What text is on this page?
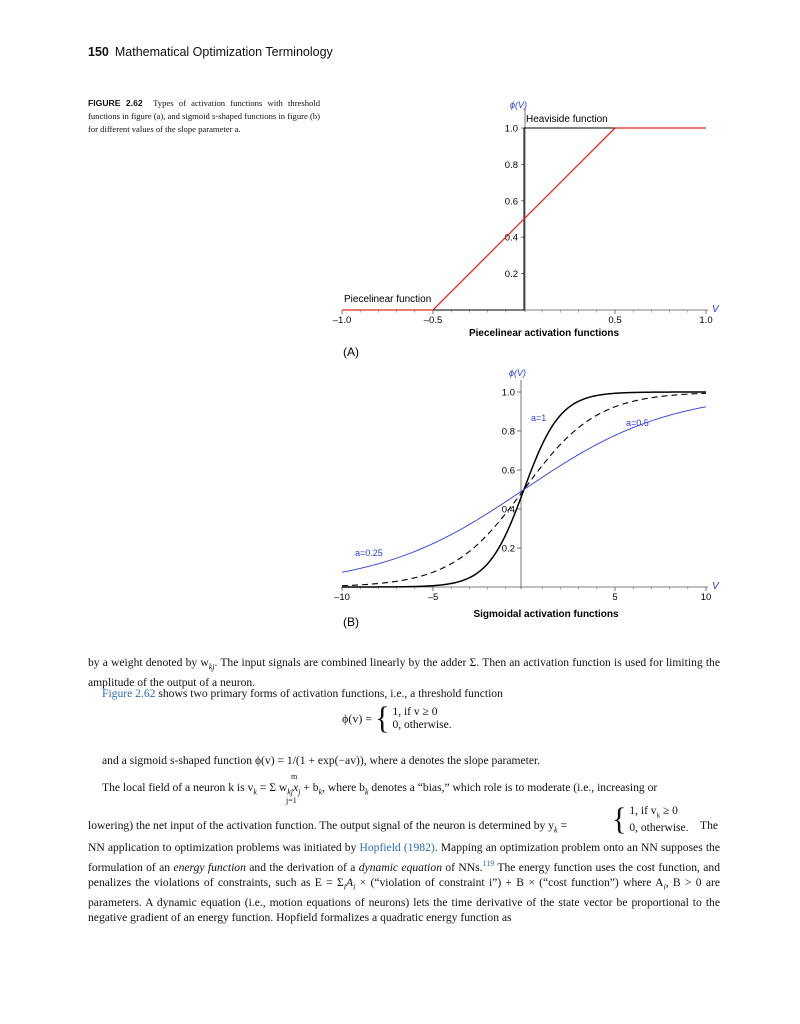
150 Mathematical Optimization Terminology
FIGURE 2.62 Types of activation functions with threshold functions in figure (a), and sigmoid s-shaped functions in figure (b) for different values of the slope parameter a.
–1.0	–0.5	0.5	1.0
0.2
0.4
0.6
0.8
1.0
Heaviside function
Piecelinear function
ϕ(V)
V
Piecelinear activation functions
(A)
–10	–5	5	10
0.2
0.4
0.6
0.8
1.0
a=1	a=0.5
a=0.25
ϕ(V)
V
Sigmoidal activation functions
(B)
by a weight denoted by $w_{kj}$. The input signals are combined linearly by the adder Σ. Then an activation function is used for limiting the amplitude of the output of a neuron.
Figure 2.62 shows two primary forms of activation functions, i.e., a threshold function
ϕ(v) = { 1, if v ≥ 0
0, otherwise.
and a sigmoid s-shaped function ϕ(v) = 1/(1 + exp(−av)), where a denotes the slope parameter.
m
j=1
The local field of a neuron k is $v_k = \Sigma$ $w_{kj}x_j + b_k$, where $b_k$ denotes a “bias,” which role is to moderate (i.e., increasing or
lowering) the net input of the activation function. The output signal of the neuron is determined by $y_k$ =	{ 1, if $v_k \ge 0$
0, otherwise. The
NN application to optimization problems was initiated by Hopfield (1982). Mapping an optimization problem onto an NN supposes the formulation of an energy function and the derivation of a dynamic equation of NNs.$^{119}$ The energy function uses the cost function, and penalizes the violations of constraints, such as $E = \Sigma_iA_i$ × (“violation of constraint i”) + B × (“cost function”) where $A_i$, B > 0 are parameters. A dynamic equation (i.e., motion equations of neurons) lets the time derivative of the state vector be proportional to the negative gradient of an energy function. Hopfield formalizes a quadratic energy function as
